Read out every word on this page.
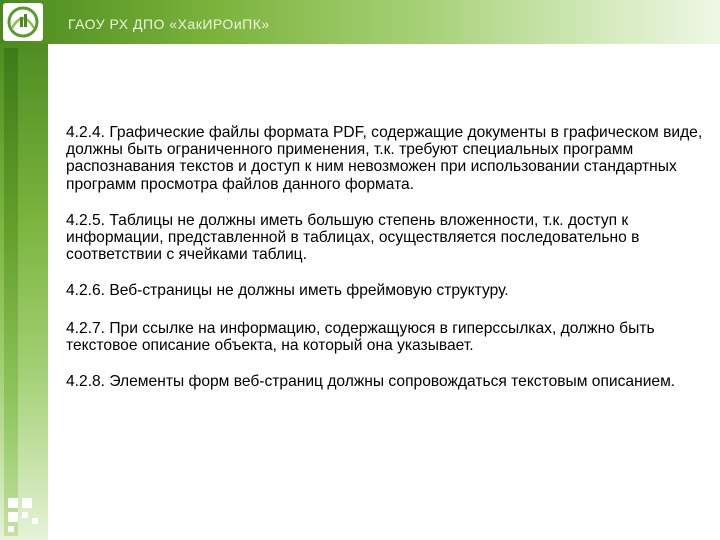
ГАОУ РХ ДПО «ХакИРОиПК»

4.2.4. Графические файлы формата PDF, содержащие документы в графическом виде, должны быть ограниченного применения, т.к. требуют специальных программ распознавания текстов и доступ к ним невозможен при использовании стандартных программ просмотра файлов данного формата.

4.2.5. Таблицы не должны иметь большую степень вложенности, т.к. доступ к информации, представленной в таблицах, осуществляется последовательно в соответствии с ячейками таблиц.

4.2.6. Веб-страницы не должны иметь фреймовую структуру.

4.2.7. При ссылке на информацию, содержащуюся в гиперссылках, должно быть текстовое описание объекта, на который она указывает.

4.2.8. Элементы форм веб-страниц должны сопровождаться текстовым описанием.
